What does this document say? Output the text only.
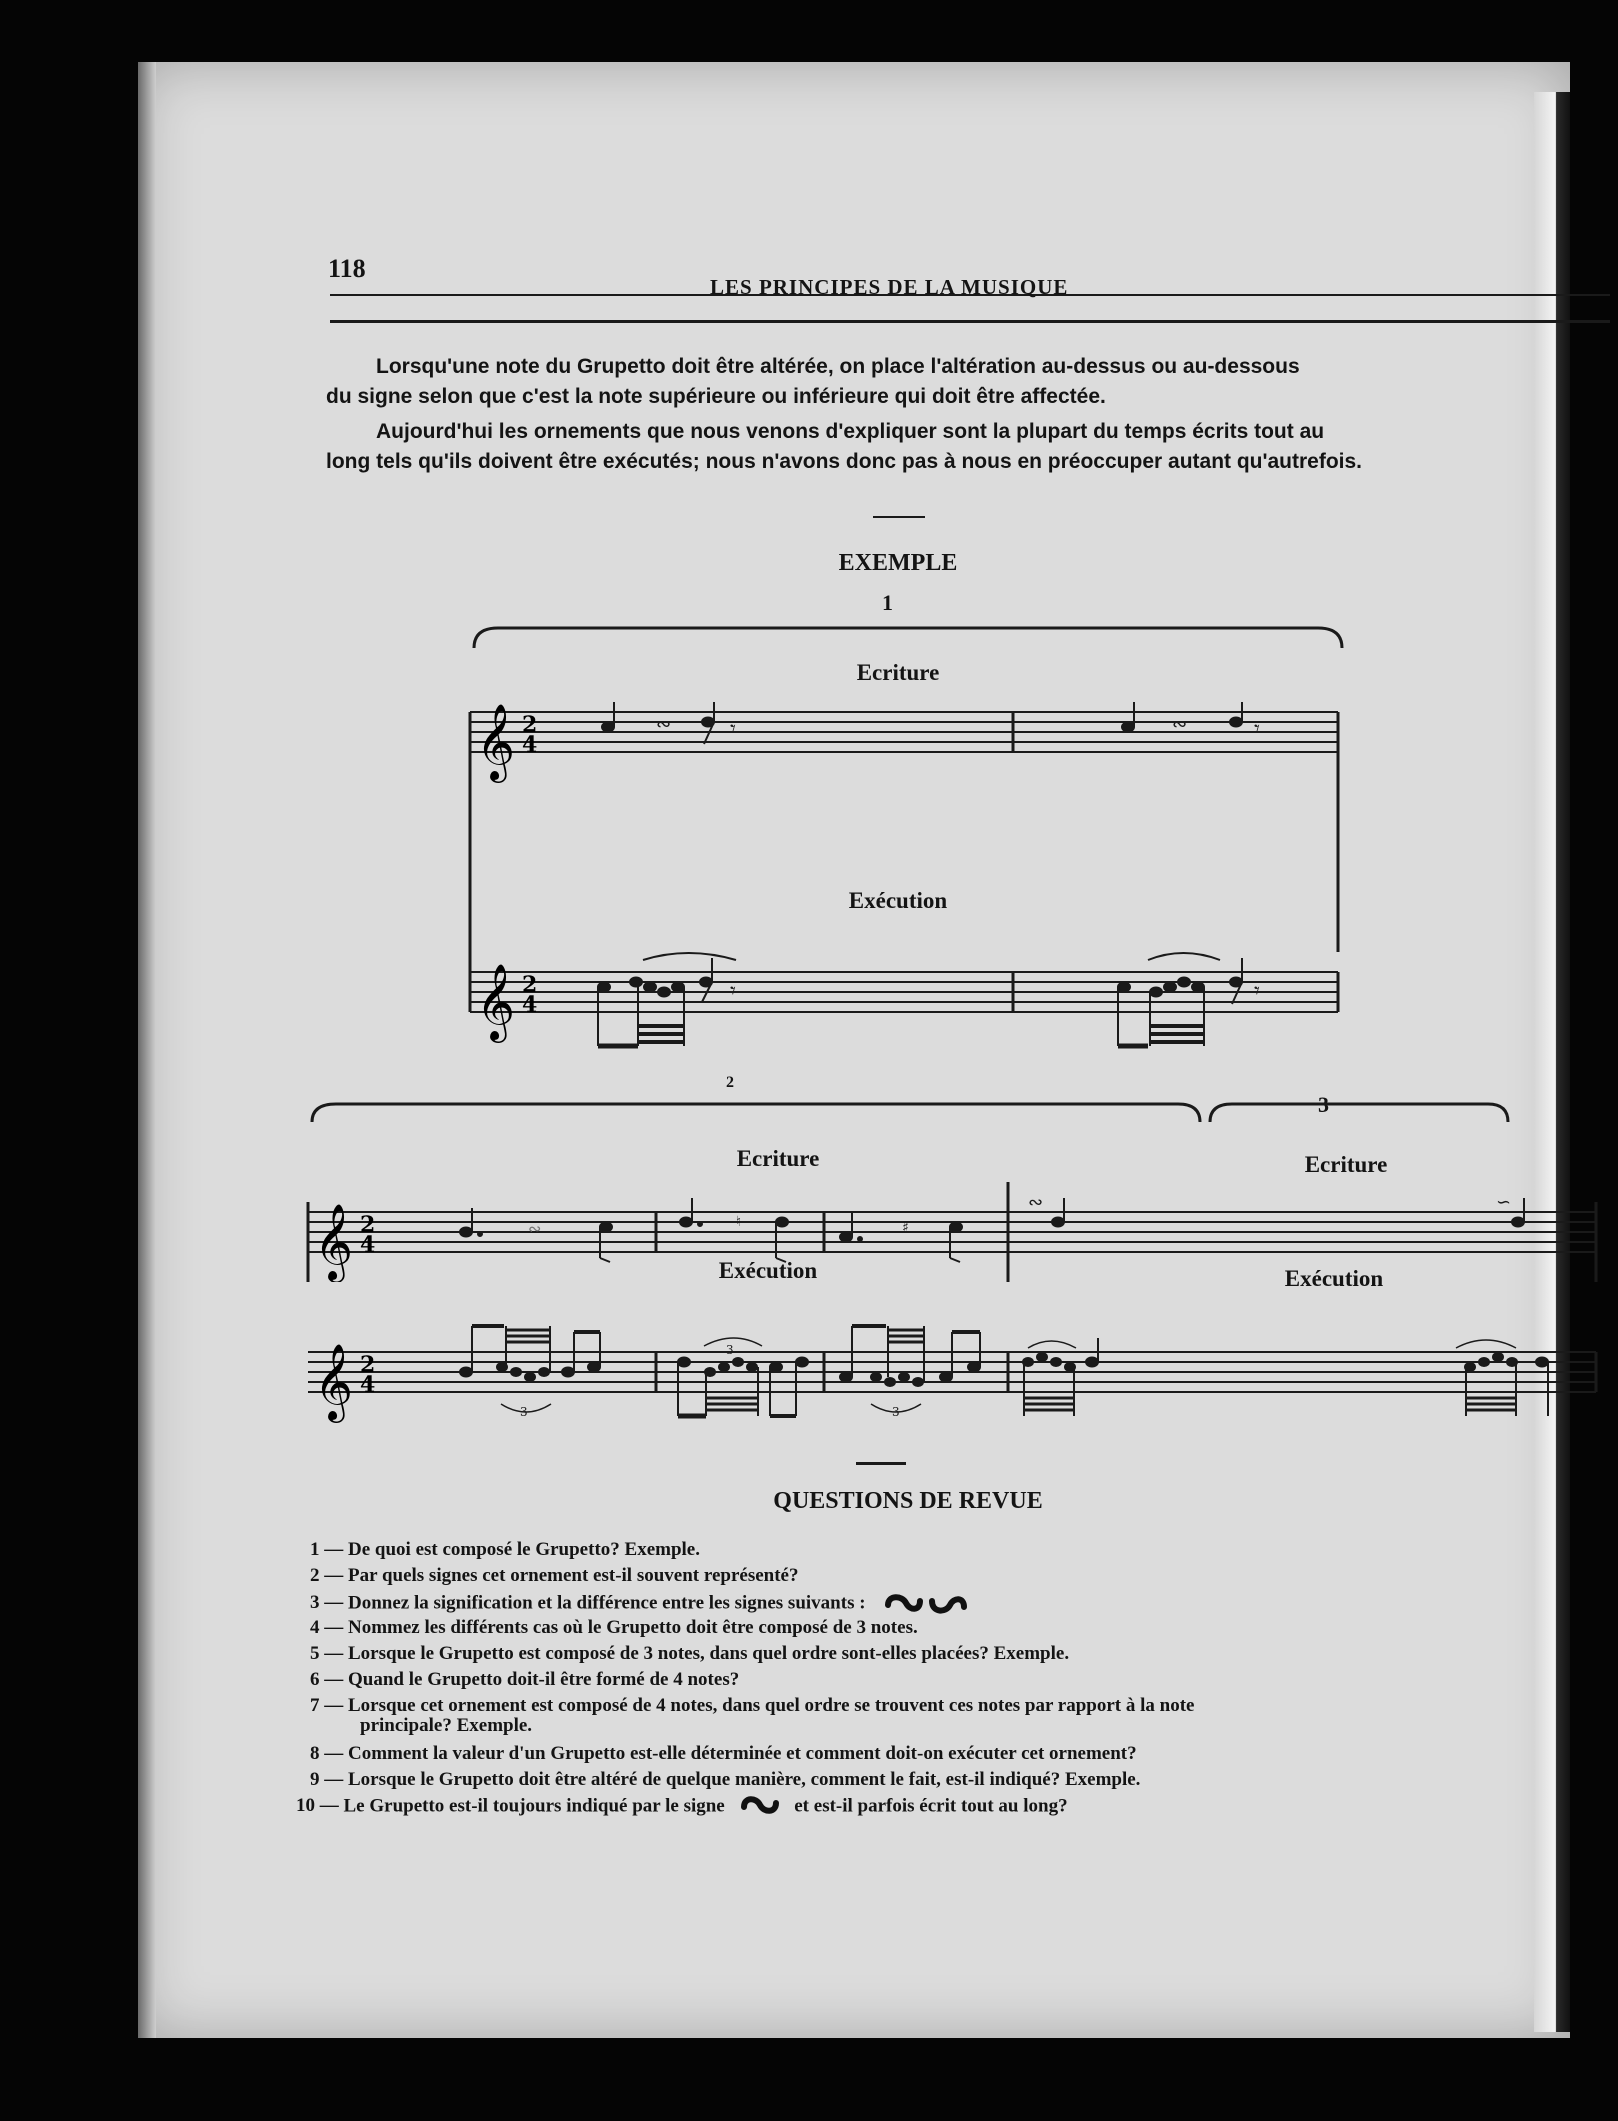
118
LES PRINCIPES DE LA MUSIQUE
Lorsqu'une note du Grupetto doit être altérée, on place l'altération au-dessus ou au-dessous
du signe selon que c'est la note supérieure ou inférieure qui doit être affectée.
Aujourd'hui les ornements que nous venons d'expliquer sont la plupart du temps écrits tout au
long tels qu'ils doivent être exécutés; nous n'avons donc pas à nous en préoccuper autant qu'autrefois.
EXEMPLE
1
Ecriture
𝄞 2
4
∾	𝄾	∾	𝄾
Exécution
𝄞 2
4
𝄾	𝄾
2
3
Ecriture	Ecriture
𝄞 2
4
∾	♮	♯
∾	∽
Exécution	Exécution
𝄞 2
4
3
3
3
QUESTIONS DE REVUE
1 — De quoi est composé le Grupetto? Exemple.
2 — Par quels signes cet ornement est-il souvent représenté?
3 — Donnez la signification et la différence entre les signes suivants :
4 — Nommez les différents cas où le Grupetto doit être composé de 3 notes.
5 — Lorsque le Grupetto est composé de 3 notes, dans quel ordre sont-elles placées? Exemple.
6 — Quand le Grupetto doit-il être formé de 4 notes?
7 — Lorsque cet ornement est composé de 4 notes, dans quel ordre se trouvent ces notes par rapport à la note
principale? Exemple.
8 — Comment la valeur d'un Grupetto est-elle déterminée et comment doit-on exécuter cet ornement?
9 — Lorsque le Grupetto doit être altéré de quelque manière, comment le fait, est-il indiqué? Exemple.
10 — Le Grupetto est-il toujours indiqué par le signe	et est-il parfois écrit tout au long?
